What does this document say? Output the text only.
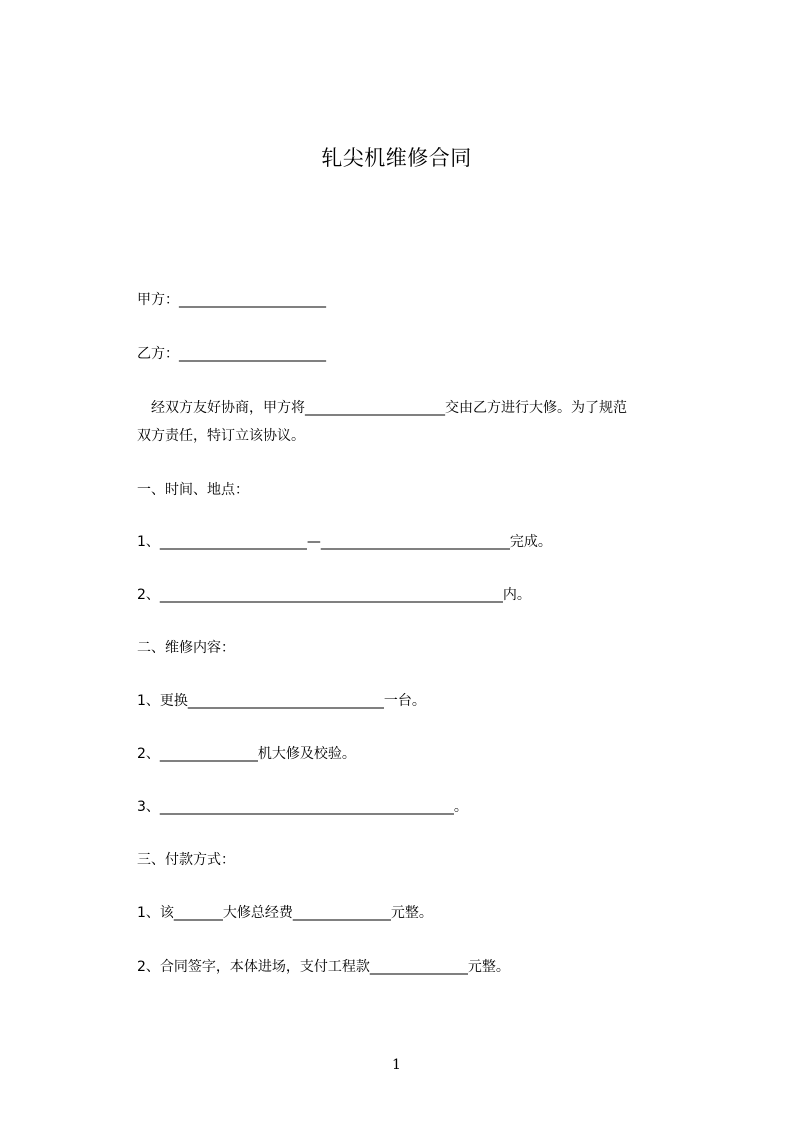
轧尖机维修合同
甲方：_____________________
乙方：_____________________
　经双方友好协商，甲方将____________________交由乙方进行大修。为了规范
双方责任，特订立该协议。
一、时间、地点：
1、_____________________—___________________________完成。
2、_________________________________________________内。
二、维修内容：
1、更换____________________________一台。
2、______________机大修及校验。
3、__________________________________________。
三、付款方式：
1、该_______大修总经费______________元整。
2、合同签字，本体进场，支付工程款______________元整。
1
